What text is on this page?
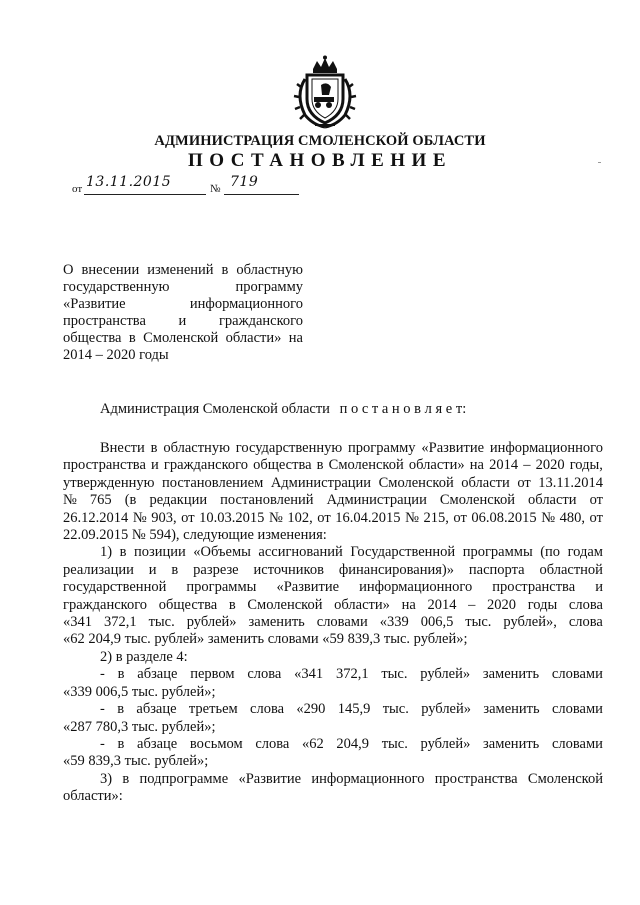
АДМИНИСТРАЦИЯ СМОЛЕНСКОЙ ОБЛАСТИ
ПОСТАНОВЛЕНИЕ
от 13.11.2015	№ 719
О внесении изменений в областную
государственную	программу
«Развитие	информационного
пространства и гражданского
общества в Смоленской области» на
2014 – 2020 годы
Администрация Смоленской области п о с т а н о в л я е т:
Внести в областную государственную программу «Развитие информационного
пространства и гражданского общества в Смоленской области» на 2014 – 2020 годы,
утвержденную постановлением Администрации Смоленской области от 13.11.2014
№ 765 (в редакции постановлений Администрации Смоленской области от
26.12.2014 № 903, от 10.03.2015 № 102, от 16.04.2015 № 215, от 06.08.2015 № 480, от
22.09.2015 № 594), следующие изменения:
1) в позиции «Объемы ассигнований Государственной программы (по годам
реализации и в разрезе источников финансирования)» паспорта областной
государственной программы «Развитие информационного пространства и
гражданского общества в Смоленской области» на 2014 – 2020 годы слова
«341 372,1 тыс. рублей» заменить словами «339 006,5 тыс. рублей», слова
«62 204,9 тыс. рублей» заменить словами «59 839,3 тыс. рублей»;
2) в разделе 4:
- в абзаце первом слова «341 372,1 тыс. рублей» заменить словами
«339 006,5 тыс. рублей»;
- в абзаце третьем слова «290 145,9 тыс. рублей» заменить словами
«287 780,3 тыс. рублей»;
- в абзаце восьмом слова «62 204,9 тыс. рублей» заменить словами
«59 839,3 тыс. рублей»;
3) в подпрограмме «Развитие информационного пространства Смоленской
области»:
